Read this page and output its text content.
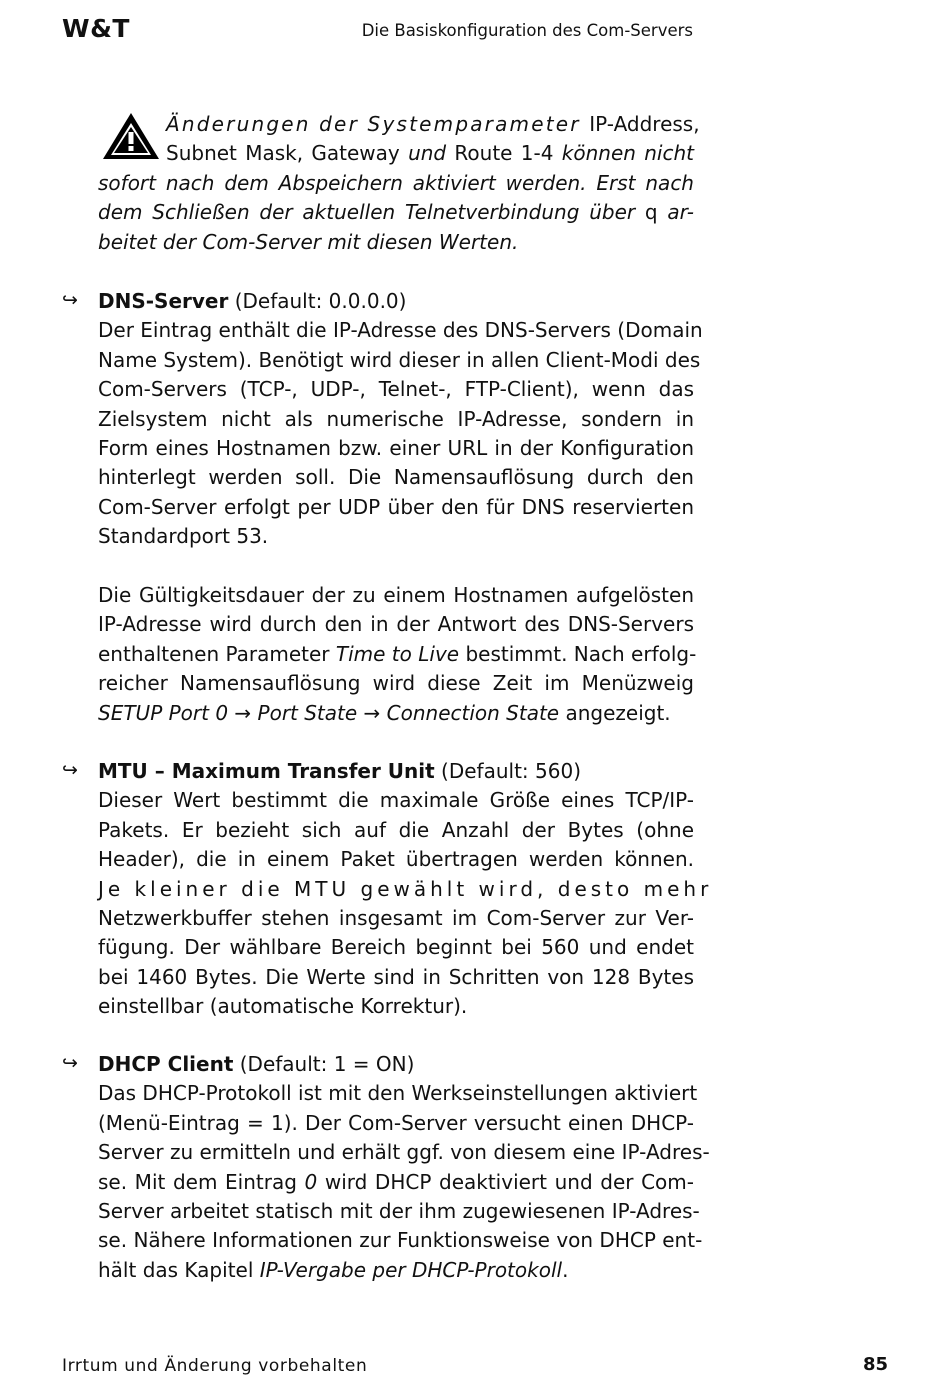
W&T	Die Basiskonfiguration des Com-Servers
Änderungen der Systemparameter IP-Address,
Subnet Mask, Gateway und Route 1-4 können nicht
sofort nach dem Abspeichern aktiviert werden. Erst nach
dem Schließen der aktuellen Telnetverbindung über q ar-
beitet der Com-Server mit diesen Werten.
↪ DNS-Server (Default: 0.0.0.0)
Der Eintrag enthält die IP-Adresse des DNS-Servers (Domain
Name System). Benötigt wird dieser in allen Client-Modi des
Com-Servers (TCP-, UDP-, Telnet-, FTP-Client), wenn das
Zielsystem nicht als numerische IP-Adresse, sondern in
Form eines Hostnamen bzw. einer URL in der Konfiguration
hinterlegt werden soll. Die Namensauflösung durch den
Com-Server erfolgt per UDP über den für DNS reservierten
Standardport 53.
Die Gültigkeitsdauer der zu einem Hostnamen aufgelösten
IP-Adresse wird durch den in der Antwort des DNS-Servers
enthaltenen Parameter Time to Live bestimmt. Nach erfolg-
reicher Namensauflösung wird diese Zeit im Menüzweig
SETUP Port 0 → Port State → Connection State angezeigt.
↪ MTU – Maximum Transfer Unit (Default: 560)
Dieser Wert bestimmt die maximale Größe eines TCP/IP-
Pakets. Er bezieht sich auf die Anzahl der Bytes (ohne
Header), die in einem Paket übertragen werden können.
Je kleiner die MTU gewählt wird, desto mehr
Netzwerkbuffer stehen insgesamt im Com-Server zur Ver-
fügung. Der wählbare Bereich beginnt bei 560 und endet
bei 1460 Bytes. Die Werte sind in Schritten von 128 Bytes
einstellbar (automatische Korrektur).
↪ DHCP Client (Default: 1 = ON)
Das DHCP-Protokoll ist mit den Werkseinstellungen aktiviert
(Menü-Eintrag = 1). Der Com-Server versucht einen DHCP-
Server zu ermitteln und erhält ggf. von diesem eine IP-Adres-
se. Mit dem Eintrag 0 wird DHCP deaktiviert und der Com-
Server arbeitet statisch mit der ihm zugewiesenen IP-Adres-
se. Nähere Informationen zur Funktionsweise von DHCP ent-
hält das Kapitel IP-Vergabe per DHCP-Protokoll.
Irrtum und Änderung vorbehalten	85
